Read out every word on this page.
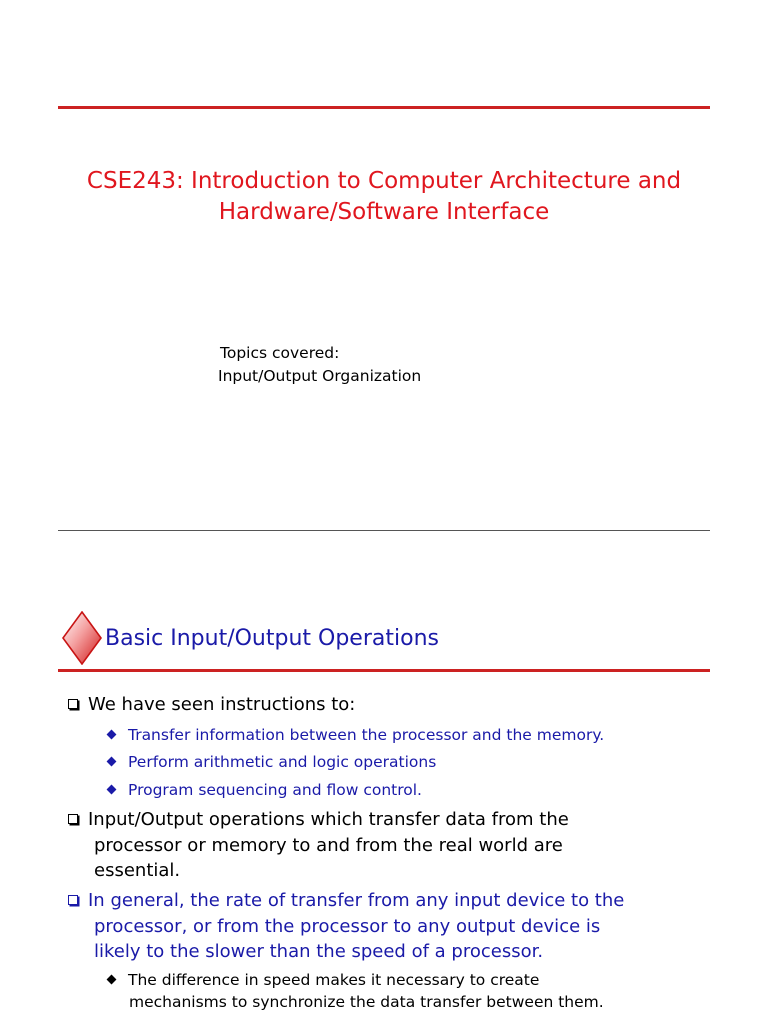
CSE243: Introduction to Computer Architecture and
Hardware/Software Interface
Topics covered:
Input/Output Organization
Basic Input/Output Operations
We have seen instructions to:
Transfer information between the processor and the memory.
Perform arithmetic and logic operations
Program sequencing and flow control.
Input/Output operations which transfer data from the
processor or memory to and from the real world are
essential.
In general, the rate of transfer from any input device to the
processor, or from the processor to any output device is
likely to the slower than the speed of a processor.
The difference in speed makes it necessary to create
mechanisms to synchronize the data transfer between them.
